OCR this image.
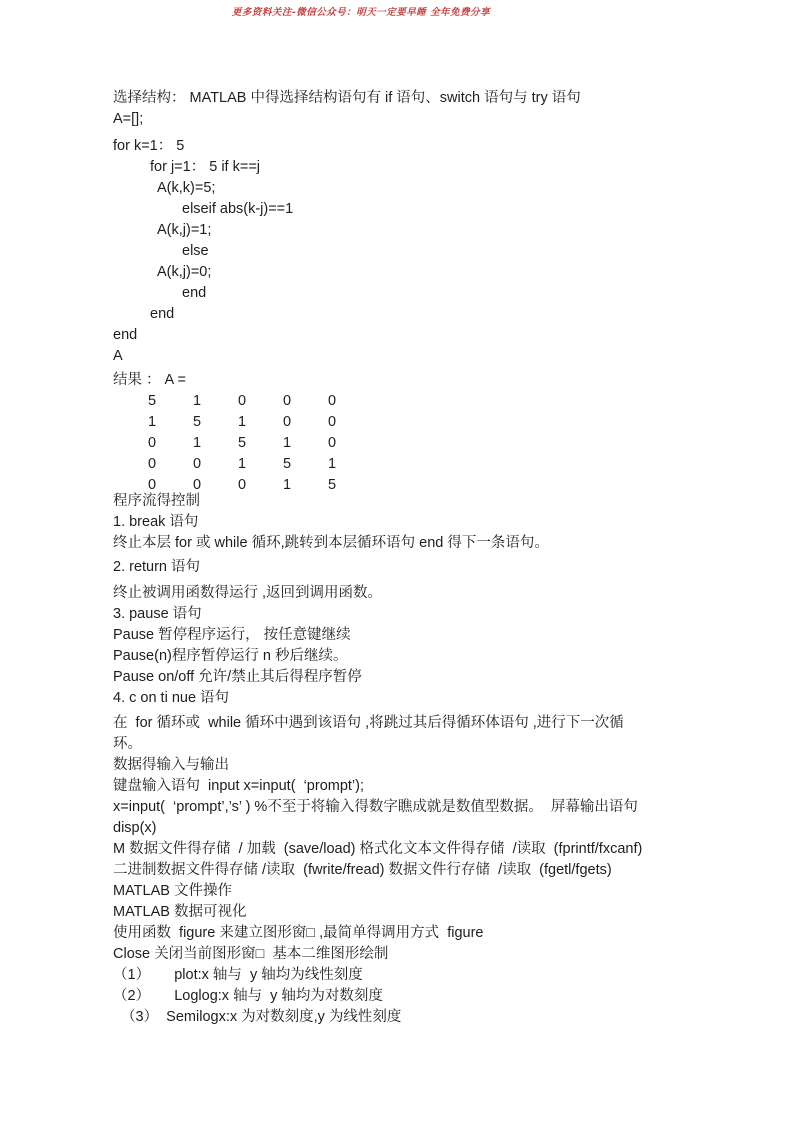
更多资料关注-微信公众号：明天一定要早睡 全年免费分享
选择结构： MATLAB 中得选择结构语句有 if 语句、switch 语句与 try 语句
A=[];
for k=1： 5
for j=1： 5 if k==j
A(k,k)=5;
elseif abs(k-j)==1
A(k,j)=1;
else
A(k,j)=0;
end
end
end
A
结果 ： A =
5	1	0	0	0
1	5	1	0	0
0	1	5	1	0
0	0	1	5	1
0	0	0	1	5
程序流得控制
1. break 语句
终止本层 for 或 while 循环,跳转到本层循环语句 end 得下一条语句。
2. return 语句
终止被调用函数得运行 ,返回到调用函数。
3. pause 语句
Pause 暂停程序运行， 按任意键继续
Pause(n)程序暂停运行 n 秒后继续。
Pause on/off 允许/禁止其后得程序暂停
4. c on ti nue 语句
在  for 循环或  while 循环中遇到该语句 ,将跳过其后得循环体语句 ,进行下一次循
环。
数据得输入与输出
键盘输入语句  input x=input(  ‘prompt’);
x=input(  ‘prompt’,’s’ ) %不至于将输入得数字瞧成就是数值型数据。  屏幕输出语句
disp(x)
M 数据文件得存储  / 加载  (save/load) 格式化文本文件得存储  /读取  (fprintf/fxcanf)
二进制数据文件得存储 /读取  (fwrite/fread) 数据文件行存储  /读取  (fgetl/fgets)
MATLAB 文件操作
MATLAB 数据可视化
使用函数  figure 来建立图形窗□ ,最简单得调用方式  figure
Close 关闭当前图形窗□  基本二维图形绘制
（1）      plot:x 轴与  y 轴均为线性刻度
（2）      Loglog:x 轴与  y 轴均为对数刻度
（3）  Semilogx:x 为对数刻度,y 为线性刻度
